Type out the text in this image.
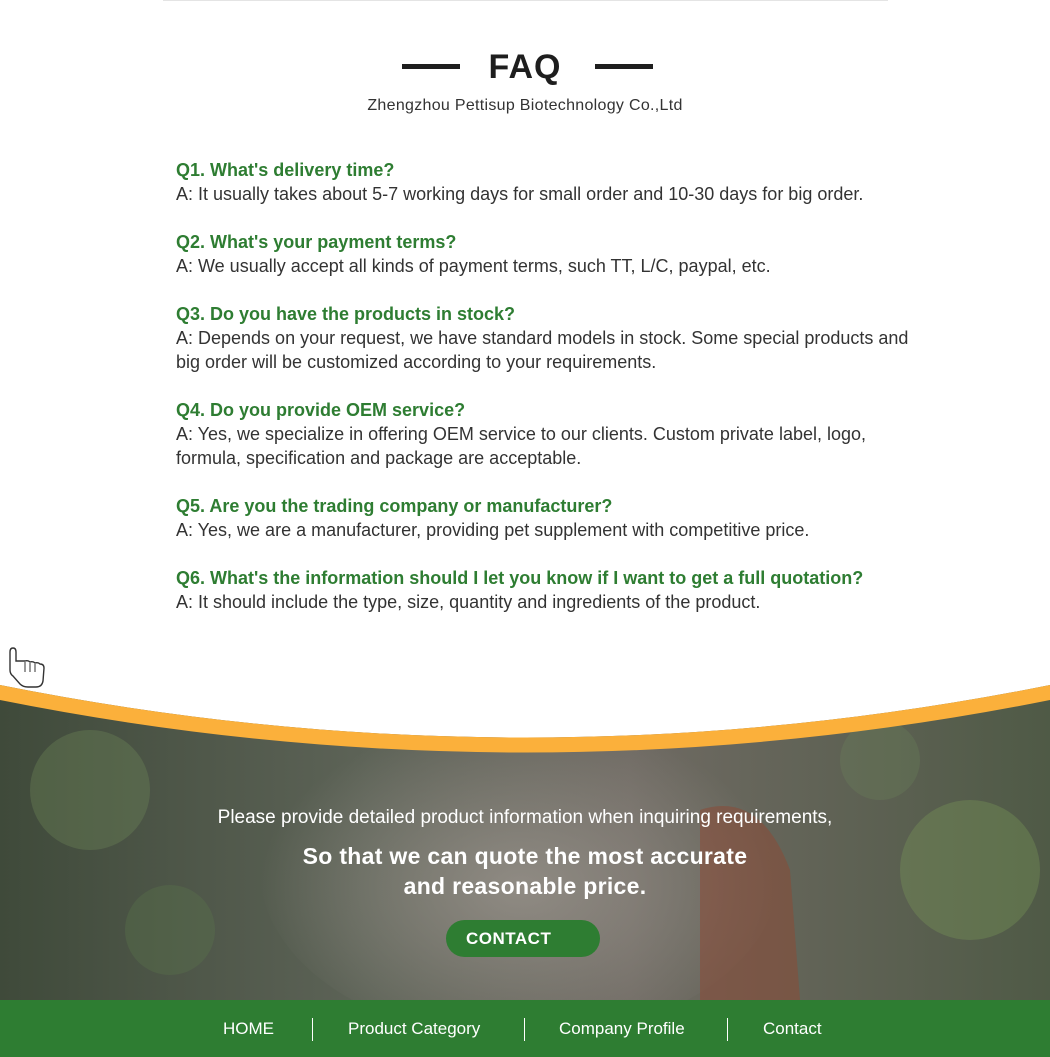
FAQ
Zhengzhou Pettisup Biotechnology Co.,Ltd
Q1. What's delivery time?
A: It usually takes about 5-7 working days for small order and 10-30 days for big order.
Q2. What's your payment terms?
A: We usually accept all kinds of payment terms, such TT, L/C, paypal, etc.
Q3. Do you have the products in stock?
A: Depends on your request, we have standard models in stock. Some special products and big order will be customized according to your requirements.
Q4. Do you provide OEM service?
A: Yes, we specialize in offering OEM service to our clients. Custom private label, logo, formula, specification and package are acceptable.
Q5. Are you the trading company or manufacturer?
A: Yes, we are a manufacturer, providing pet supplement with competitive price.
Q6. What's the information should I let you know if I want to get a full quotation?
A: It should include the type, size, quantity and ingredients of the product.
Please provide detailed product information when inquiring requirements,
So that we can quote the most accurate
and reasonable price.
CONTACT
HOME	Product Category	Company Profile	Contact
